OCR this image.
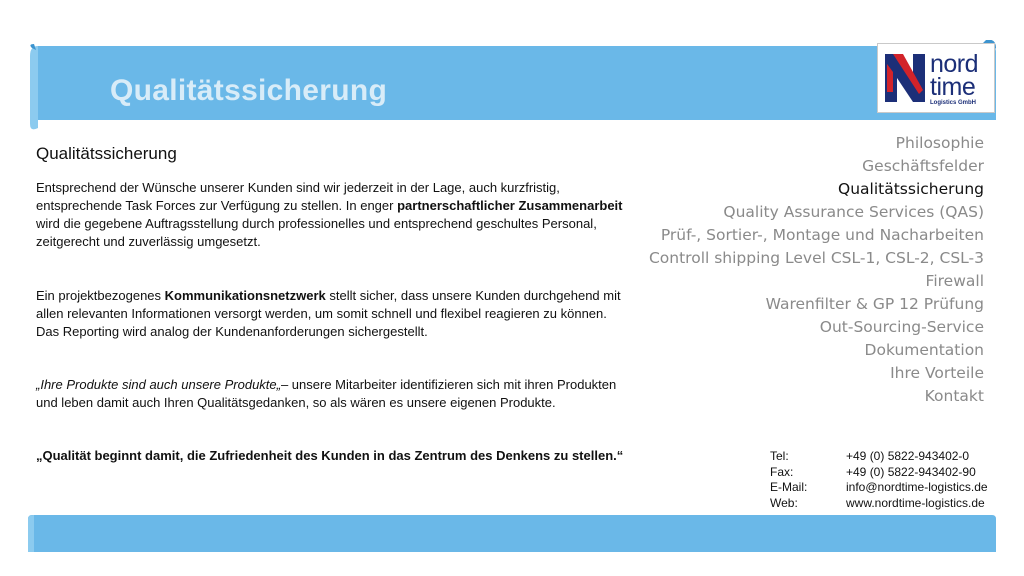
Qualitätssicherung
nord
time
Logistics GmbH
Qualitätssicherung
Entsprechend der Wünsche unserer Kunden sind wir jederzeit in der Lage, auch kurzfristig, entsprechende Task Forces zur Verfügung zu stellen. In enger partnerschaftlicher Zusammenarbeit wird die gegebene Auftragsstellung durch professionelles und entsprechend geschultes Personal, zeitgerecht und zuverlässig umgesetzt.
Ein projektbezogenes Kommunikationsnetzwerk stellt sicher, dass unsere Kunden durchgehend mit allen relevanten Informationen versorgt werden, um somit schnell und flexibel reagieren zu können. Das Reporting wird analog der Kundenanforderungen sichergestellt.
„Ihre Produkte sind auch unsere Produkte„– unsere Mitarbeiter identifizieren sich mit ihren Produkten und leben damit auch Ihren Qualitätsgedanken, so als wären es unsere eigenen Produkte.
„Qualität beginnt damit, die Zufriedenheit des Kunden in das Zentrum des Denkens zu stellen.“
Philosophie
Geschäftsfelder
Qualitätssicherung
Quality Assurance Services (QAS)
Prüf-, Sortier-, Montage und Nacharbeiten
Controll shipping Level CSL-1, CSL-2, CSL-3
Firewall
Warenfilter & GP 12 Prüfung
Out-Sourcing-Service
Dokumentation
Ihre Vorteile
Kontakt
Tel:	+49 (0) 5822-943402-0
Fax:	+49 (0) 5822-943402-90
E-Mail:	info@nordtime-logistics.de
Web:	www.nordtime-logistics.de
